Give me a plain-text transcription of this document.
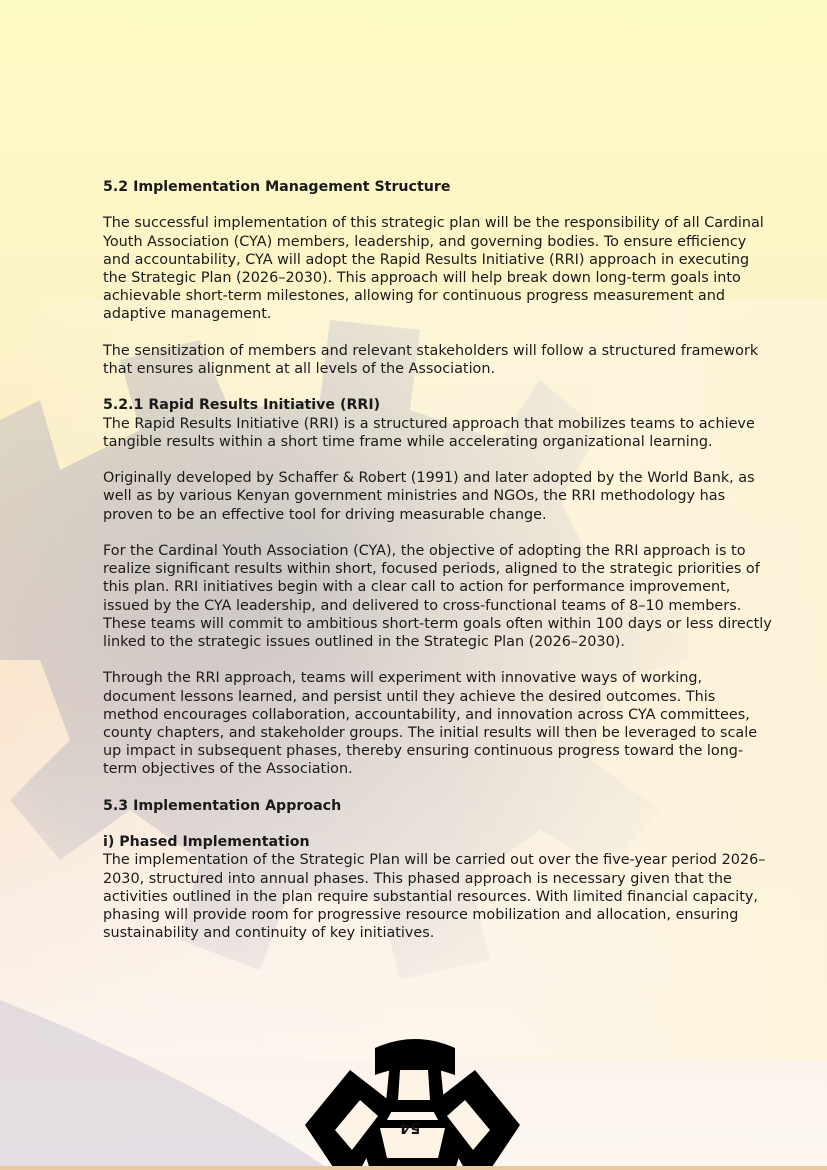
5.2 Implementation Management Structure

The successful implementation of this strategic plan will be the responsibility of all Cardinal Youth Association (CYA) members, leadership, and governing bodies. To ensure efficiency and accountability, CYA will adopt the Rapid Results Initiative (RRI) approach in executing the Strategic Plan (2026–2030). This approach will help break down long-term goals into achievable short-term milestones, allowing for continuous progress measurement and adaptive management.

The sensitization of members and relevant stakeholders will follow a structured framework that ensures alignment at all levels of the Association.

5.2.1 Rapid Results Initiative (RRI)

The Rapid Results Initiative (RRI) is a structured approach that mobilizes teams to achieve tangible results within a short time frame while accelerating organizational learning.

Originally developed by Schaffer & Robert (1991) and later adopted by the World Bank, as well as by various Kenyan government ministries and NGOs, the RRI methodology has proven to be an effective tool for driving measurable change.

For the Cardinal Youth Association (CYA), the objective of adopting the RRI approach is to realize significant results within short, focused periods, aligned to the strategic priorities of this plan. RRI initiatives begin with a clear call to action for performance improvement, issued by the CYA leadership, and delivered to cross-functional teams of 8–10 members. These teams will commit to ambitious short-term goals often within 100 days or less directly linked to the strategic issues outlined in the Strategic Plan (2026–2030).

Through the RRI approach, teams will experiment with innovative ways of working, document lessons learned, and persist until they achieve the desired outcomes. This method encourages collaboration, accountability, and innovation across CYA committees, county chapters, and stakeholder groups. The initial results will then be leveraged to scale up impact in subsequent phases, thereby ensuring continuous progress toward the long-term objectives of the Association.

5.3 Implementation Approach
i) Phased Implementation

The implementation of the Strategic Plan will be carried out over the five-year period 2026–2030, structured into annual phases. This phased approach is necessary given that the activities outlined in the plan require substantial resources. With limited financial capacity, phasing will provide room for progressive resource mobilization and allocation, ensuring sustainability and continuity of key initiatives.

54
